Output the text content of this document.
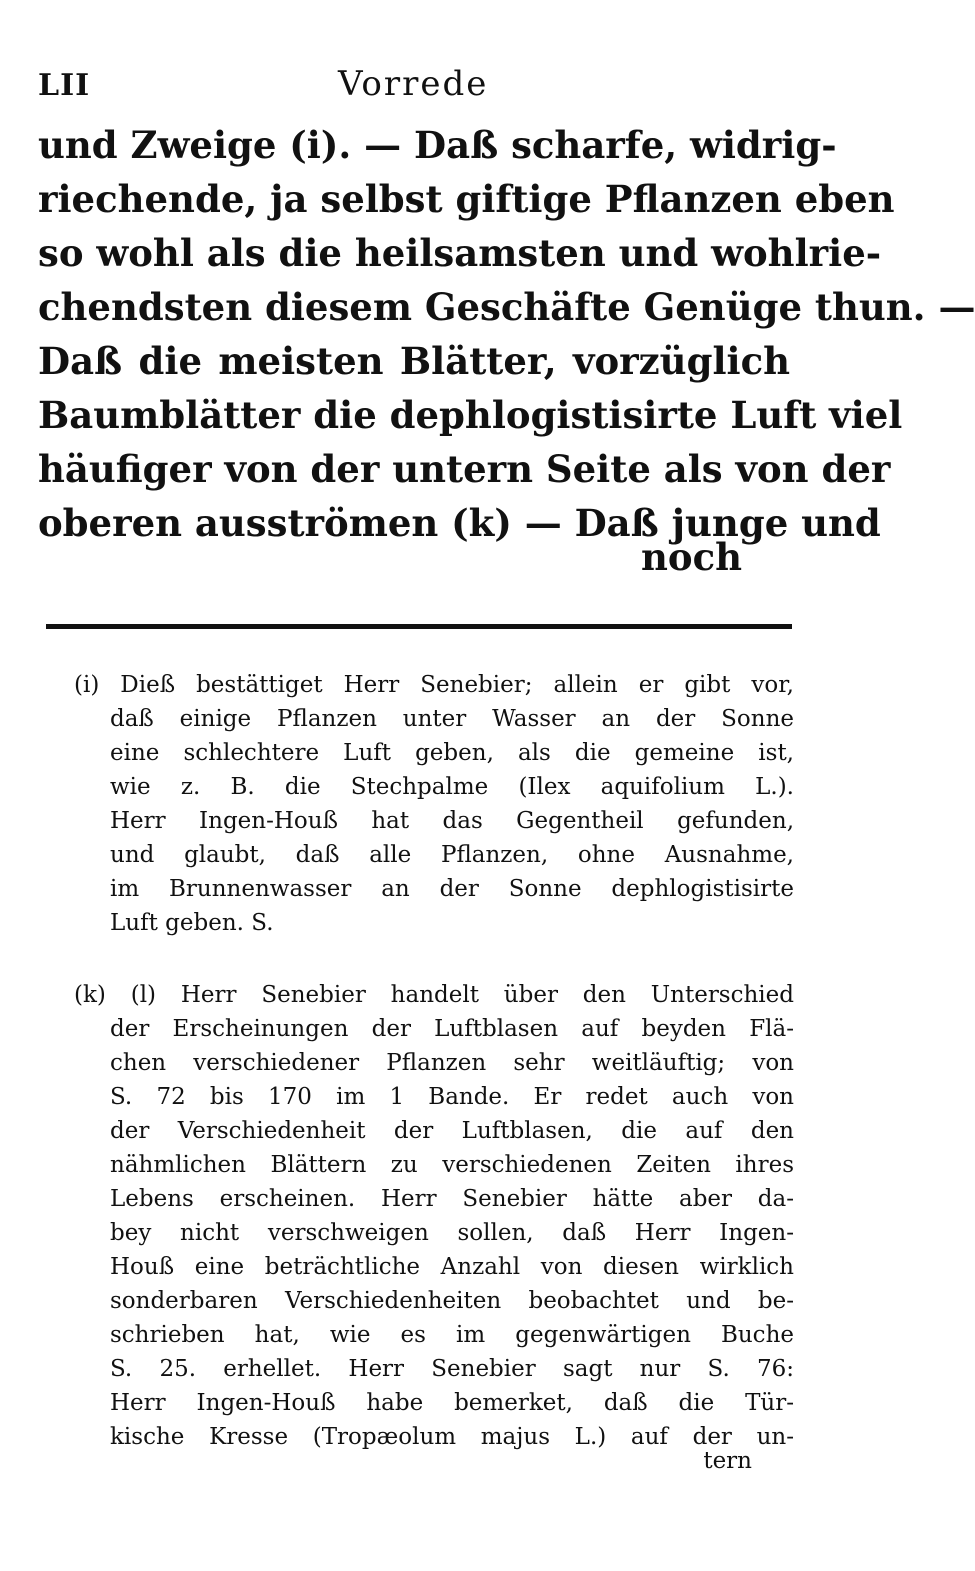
LII	Vorrede
und Zweige (i). — Daß scharfe, widrig-
riechende, ja selbst giftige Pflanzen eben
so wohl als die heilsamsten und wohlrie-
chendsten diesem Geschäfte Genüge thun. —
Daß die meisten Blätter, vorzüglich
Baumblätter die dephlogistisirte Luft viel
häufiger von der untern Seite als von der
oberen ausströmen (k) — Daß junge und
noch
(i) Dieß bestättiget Herr Senebier; allein er gibt vor,
daß einige Pflanzen unter Wasser an der Sonne
eine schlechtere Luft geben, als die gemeine ist,
wie z. B. die Stechpalme (Ilex aquifolium L.).
Herr Ingen-Houß hat das Gegentheil gefunden,
und glaubt, daß alle Pflanzen, ohne Ausnahme,
im Brunnenwasser an der Sonne dephlogistisirte
Luft geben. S.
(k) (l) Herr Senebier handelt über den Unterschied
der Erscheinungen der Luftblasen auf beyden Flä-
chen verschiedener Pflanzen sehr weitläuftig; von
S. 72 bis 170 im 1 Bande. Er redet auch von
der Verschiedenheit der Luftblasen, die auf den
nähmlichen Blättern zu verschiedenen Zeiten ihres
Lebens erscheinen. Herr Senebier hätte aber da-
bey nicht verschweigen sollen, daß Herr Ingen-
Houß eine beträchtliche Anzahl von diesen wirklich
sonderbaren Verschiedenheiten beobachtet und be-
schrieben hat, wie es im gegenwärtigen Buche
S. 25. erhellet. Herr Senebier sagt nur S. 76:
Herr Ingen-Houß habe bemerket, daß die Tür-
kische Kresse (Tropæolum majus L.) auf der un-
tern
